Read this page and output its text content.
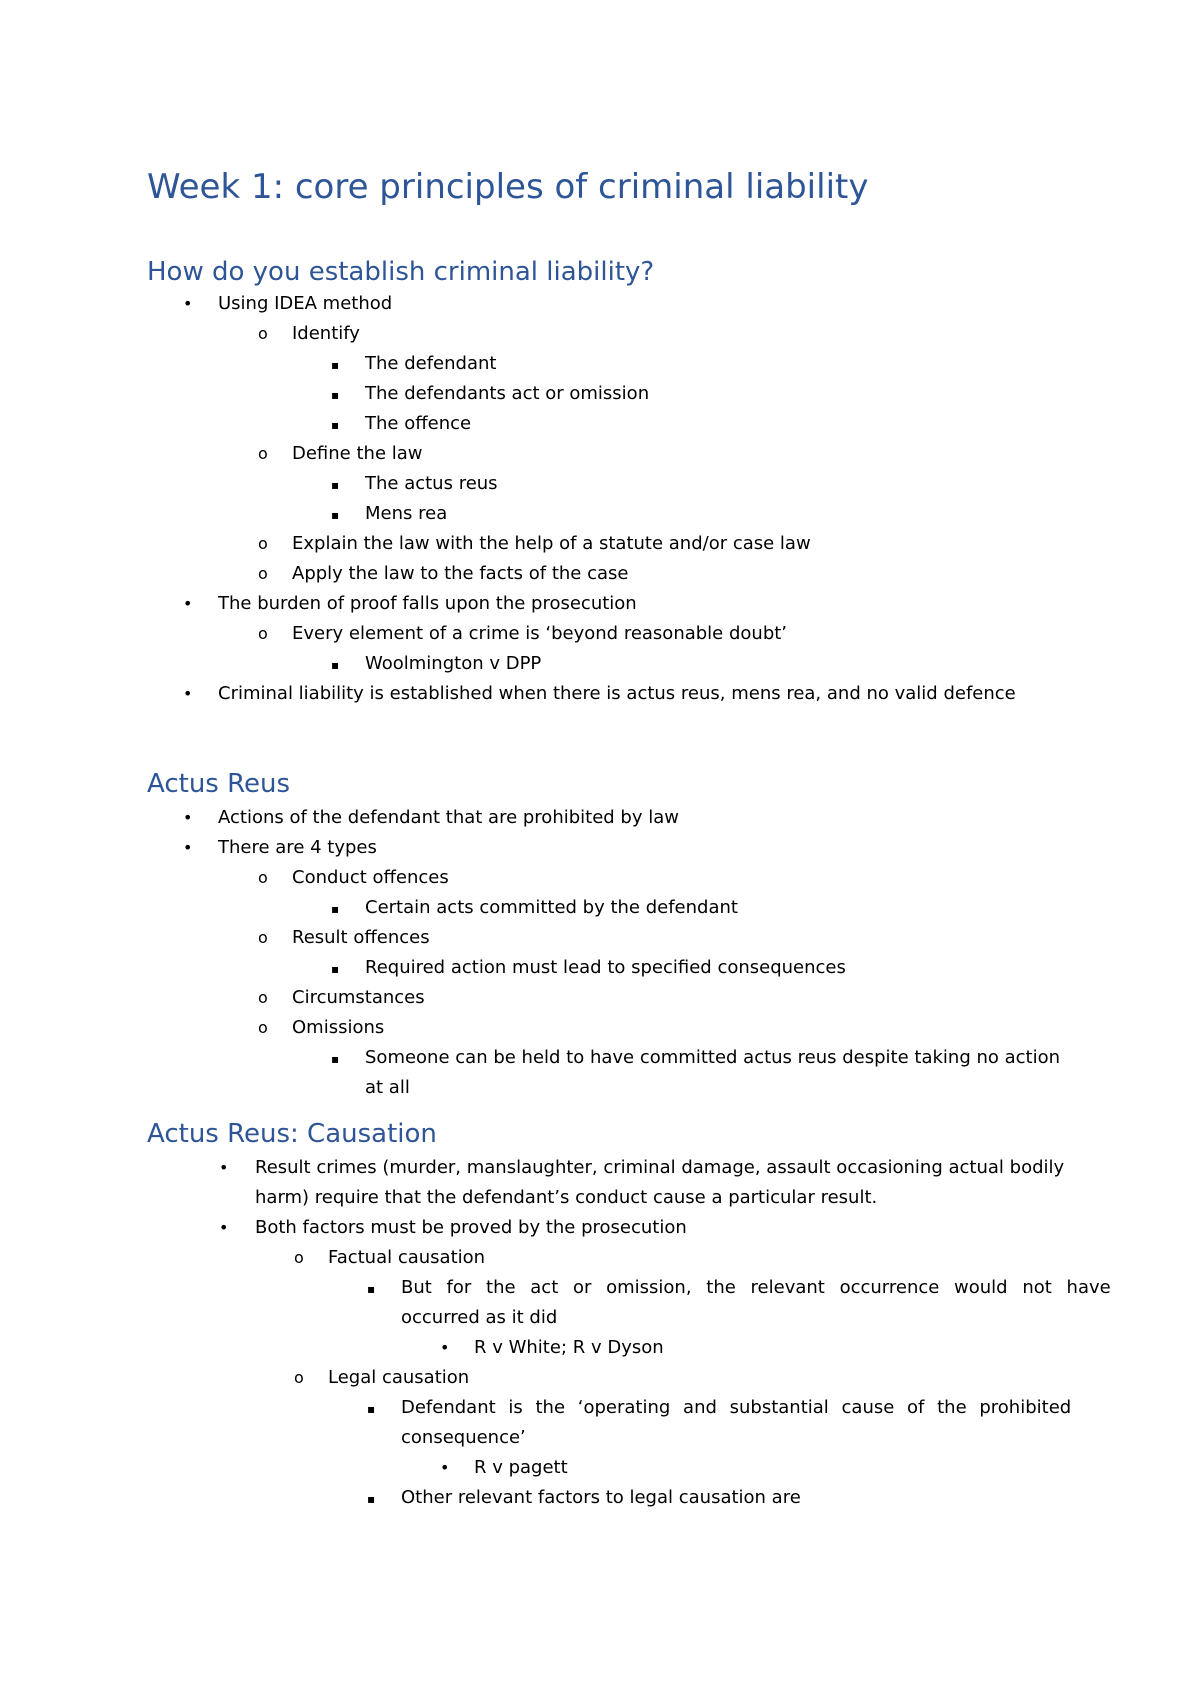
Week 1: core principles of criminal liability
How do you establish criminal liability?
• Using IDEA method
o Identify
▪ The defendant
▪ The defendants act or omission
▪ The offence
o Define the law
▪ The actus reus
▪ Mens rea
o Explain the law with the help of a statute and/or case law
o Apply the law to the facts of the case
• The burden of proof falls upon the prosecution
o Every element of a crime is ‘beyond reasonable doubt’
▪ Woolmington v DPP
• Criminal liability is established when there is actus reus, mens rea, and no valid defence
Actus Reus
• Actions of the defendant that are prohibited by law
• There are 4 types
o Conduct offences
▪ Certain acts committed by the defendant
o Result offences
▪ Required action must lead to specified consequences
o Circumstances
o Omissions
▪ Someone can be held to have committed actus reus despite taking no action
at all
Actus Reus: Causation
• Result crimes (murder, manslaughter, criminal damage, assault occasioning actual bodily
harm) require that the defendant’s conduct cause a particular result.
• Both factors must be proved by the prosecution
o Factual causation
▪ But for the act or omission, the relevant occurrence would not have
occurred as it did
• R v White; R v Dyson
o Legal causation
▪ Defendant is the ‘operating and substantial cause of the prohibited
consequence’
• R v pagett
▪ Other relevant factors to legal causation are
